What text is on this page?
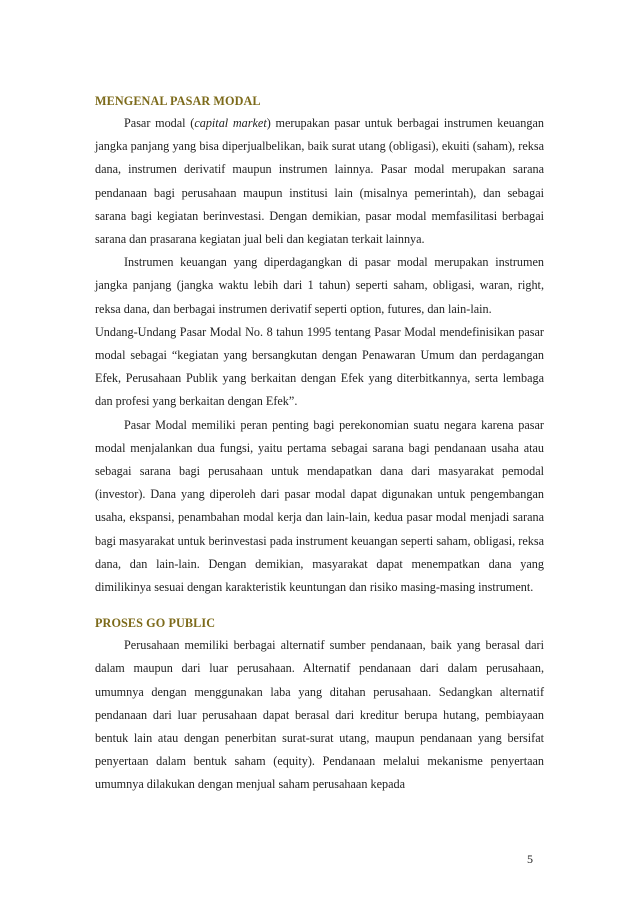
MENGENAL PASAR MODAL

Pasar modal (capital market) merupakan pasar untuk berbagai instrumen keuangan jangka panjang yang bisa diperjualbelikan, baik surat utang (obligasi), ekuiti (saham), reksa dana, instrumen derivatif maupun instrumen lainnya. Pasar modal merupakan sarana pendanaan bagi perusahaan maupun institusi lain (misalnya pemerintah), dan sebagai sarana bagi kegiatan berinvestasi. Dengan demikian, pasar modal memfasilitasi berbagai sarana dan prasarana kegiatan jual beli dan kegiatan terkait lainnya.

Instrumen keuangan yang diperdagangkan di pasar modal merupakan instrumen jangka panjang (jangka waktu lebih dari 1 tahun) seperti saham, obligasi, waran, right, reksa dana, dan berbagai instrumen derivatif seperti option, futures, dan lain-lain.

Undang-Undang Pasar Modal No. 8 tahun 1995 tentang Pasar Modal mendefinisikan pasar modal sebagai “kegiatan yang bersangkutan dengan Penawaran Umum dan perdagangan Efek, Perusahaan Publik yang berkaitan dengan Efek yang diterbitkannya, serta lembaga dan profesi yang berkaitan dengan Efek”.

Pasar Modal memiliki peran penting bagi perekonomian suatu negara karena pasar modal menjalankan dua fungsi, yaitu pertama sebagai sarana bagi pendanaan usaha atau sebagai sarana bagi perusahaan untuk mendapatkan dana dari masyarakat pemodal (investor). Dana yang diperoleh dari pasar modal dapat digunakan untuk pengembangan usaha, ekspansi, penambahan modal kerja dan lain-lain, kedua pasar modal menjadi sarana bagi masyarakat untuk berinvestasi pada instrument keuangan seperti saham, obligasi, reksa dana, dan lain-lain. Dengan demikian, masyarakat dapat menempatkan dana yang dimilikinya sesuai dengan karakteristik keuntungan dan risiko masing-masing instrument.

PROSES GO PUBLIC

Perusahaan memiliki berbagai alternatif sumber pendanaan, baik yang berasal dari dalam maupun dari luar perusahaan. Alternatif pendanaan dari dalam perusahaan, umumnya dengan menggunakan laba yang ditahan perusahaan. Sedangkan alternatif pendanaan dari luar perusahaan dapat berasal dari kreditur berupa hutang, pembiayaan bentuk lain atau dengan penerbitan surat-surat utang, maupun pendanaan yang bersifat penyertaan dalam bentuk saham (equity). Pendanaan melalui mekanisme penyertaan umumnya dilakukan dengan menjual saham perusahaan kepada

5
